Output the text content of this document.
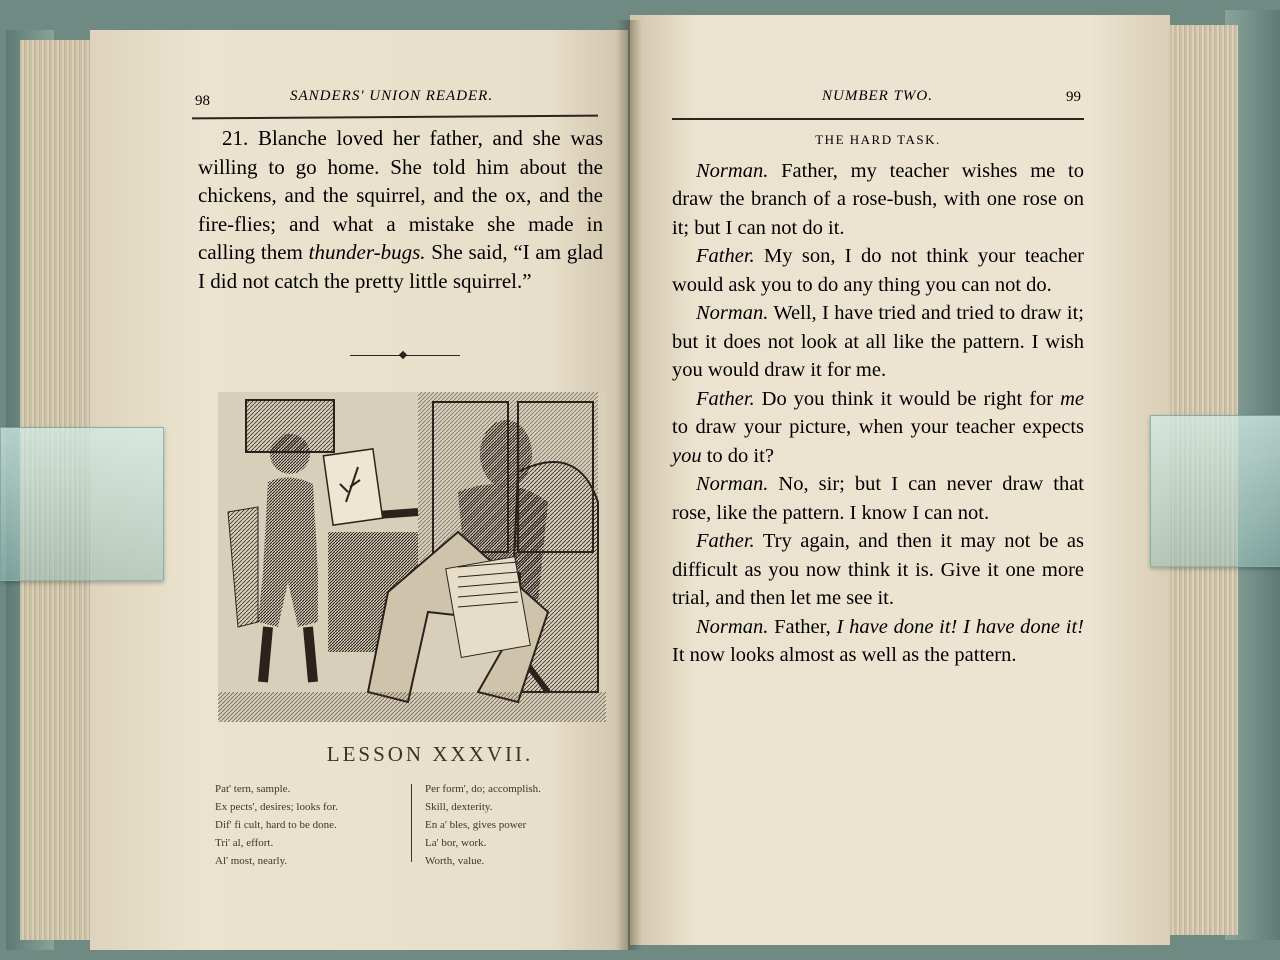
98	SANDERS' UNION READER.

21. Blanche loved her father, and she was willing to go home. She told him about the chickens, and the squirrel, and the ox, and the fire-flies; and what a mistake she made in calling them thunder-bugs. She said, “I am glad I did not catch the pretty little squirrel.”

LESSON XXXVII.
Pat' tern, sample.
Ex pects', desires; looks for.
Dif' fi cult, hard to be done.
Tri' al, effort.
Al' most, nearly.
Per form', do; accomplish.
Skill, dexterity.
En a' bles, gives power
La' bor, work.
Worth, value.
NUMBER TWO.	99
THE HARD TASK.

Norman. Father, my teacher wishes me to draw the branch of a rose-bush, with one rose on it; but I can not do it.

Father. My son, I do not think your teacher would ask you to do any thing you can not do.

Norman. Well, I have tried and tried to draw it; but it does not look at all like the pattern. I wish you would draw it for me.

Father. Do you think it would be right for me to draw your picture, when your teacher expects you to do it?

Norman. No, sir; but I can never draw that rose, like the pattern. I know I can not.

Father. Try again, and then it may not be as difficult as you now think it is. Give it one more trial, and then let me see it.

Norman. Father, I have done it! I have done it! It now looks almost as well as the pattern.
